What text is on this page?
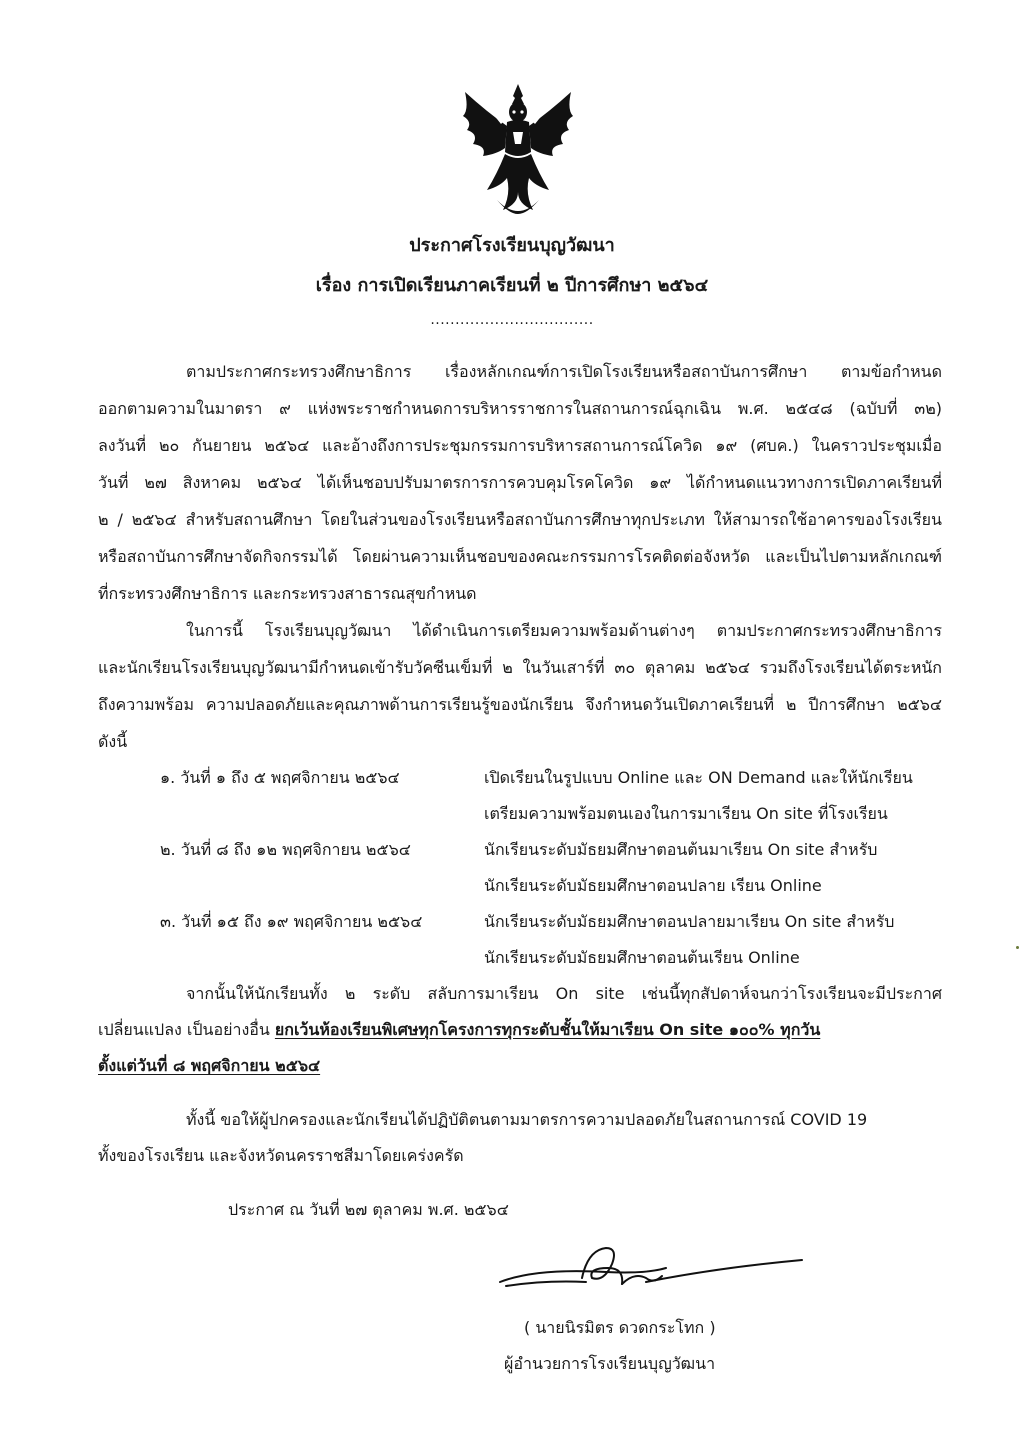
ประกาศโรงเรียนบุญวัฒนา
เรื่อง การเปิดเรียนภาคเรียนที่ ๒ ปีการศึกษา ๒๕๖๔
.................................
ตามประกาศกระทรวงศึกษาธิการ เรื่องหลักเกณฑ์การเปิดโรงเรียนหรือสถาบันการศึกษา ตามข้อกำหนด
ออกตามความในมาตรา ๙ แห่งพระราชกำหนดการบริหารราชการในสถานการณ์ฉุกเฉิน พ.ศ. ๒๕๔๘ (ฉบับที่ ๓๒)
ลงวันที่ ๒๐ กันยายน ๒๕๖๔ และอ้างถึงการประชุมกรรมการบริหารสถานการณ์โควิด ๑๙ (ศบค.) ในคราวประชุมเมื่อ
วันที่ ๒๗ สิงหาคม ๒๕๖๔ ได้เห็นชอบปรับมาตรการการควบคุมโรคโควิด ๑๙ ได้กำหนดแนวทางการเปิดภาคเรียนที่
๒ / ๒๕๖๔ สำหรับสถานศึกษา โดยในส่วนของโรงเรียนหรือสถาบันการศึกษาทุกประเภท ให้สามารถใช้อาคารของโรงเรียน
หรือสถาบันการศึกษาจัดกิจกรรมได้ โดยผ่านความเห็นชอบของคณะกรรมการโรคติดต่อจังหวัด และเป็นไปตามหลักเกณฑ์
ที่กระทรวงศึกษาธิการ และกระทรวงสาธารณสุขกำหนด
ในการนี้ โรงเรียนบุญวัฒนา ได้ดำเนินการเตรียมความพร้อมด้านต่างๆ ตามประกาศกระทรวงศึกษาธิการ
และนักเรียนโรงเรียนบุญวัฒนามีกำหนดเข้ารับวัคซีนเข็มที่ ๒ ในวันเสาร์ที่ ๓๐ ตุลาคม ๒๕๖๔ รวมถึงโรงเรียนได้ตระหนัก
ถึงความพร้อม ความปลอดภัยและคุณภาพด้านการเรียนรู้ของนักเรียน จึงกำหนดวันเปิดภาคเรียนที่ ๒ ปีการศึกษา ๒๕๖๔
ดังนี้
๑. วันที่ ๑ ถึง ๕ พฤศจิกายน ๒๕๖๔	เปิดเรียนในรูปแบบ Online และ ON Demand และให้นักเรียน
เตรียมความพร้อมตนเองในการมาเรียน On site ที่โรงเรียน
๒. วันที่ ๘ ถึง ๑๒ พฤศจิกายน ๒๕๖๔	นักเรียนระดับมัธยมศึกษาตอนต้นมาเรียน On site สำหรับ
นักเรียนระดับมัธยมศึกษาตอนปลาย เรียน Online
๓. วันที่ ๑๕ ถึง ๑๙ พฤศจิกายน ๒๕๖๔	นักเรียนระดับมัธยมศึกษาตอนปลายมาเรียน On site สำหรับ
นักเรียนระดับมัธยมศึกษาตอนต้นเรียน Online
จากนั้นให้นักเรียนทั้ง ๒ ระดับ สลับการมาเรียน On site เช่นนี้ทุกสัปดาห์จนกว่าโรงเรียนจะมีประกาศ
เปลี่ยนแปลง เป็นอย่างอื่น ยกเว้นห้องเรียนพิเศษทุกโครงการทุกระดับชั้นให้มาเรียน On site ๑๐๐% ทุกวัน
ตั้งแต่วันที่ ๘ พฤศจิกายน ๒๕๖๔
ทั้งนี้ ขอให้ผู้ปกครองและนักเรียนได้ปฏิบัติตนตามมาตรการความปลอดภัยในสถานการณ์ COVID 19
ทั้งของโรงเรียน และจังหวัดนครราชสีมาโดยเคร่งครัด
ประกาศ ณ วันที่ ๒๗ ตุลาคม พ.ศ. ๒๕๖๔
( นายนิรมิตร ดวดกระโทก )
ผู้อำนวยการโรงเรียนบุญวัฒนา
